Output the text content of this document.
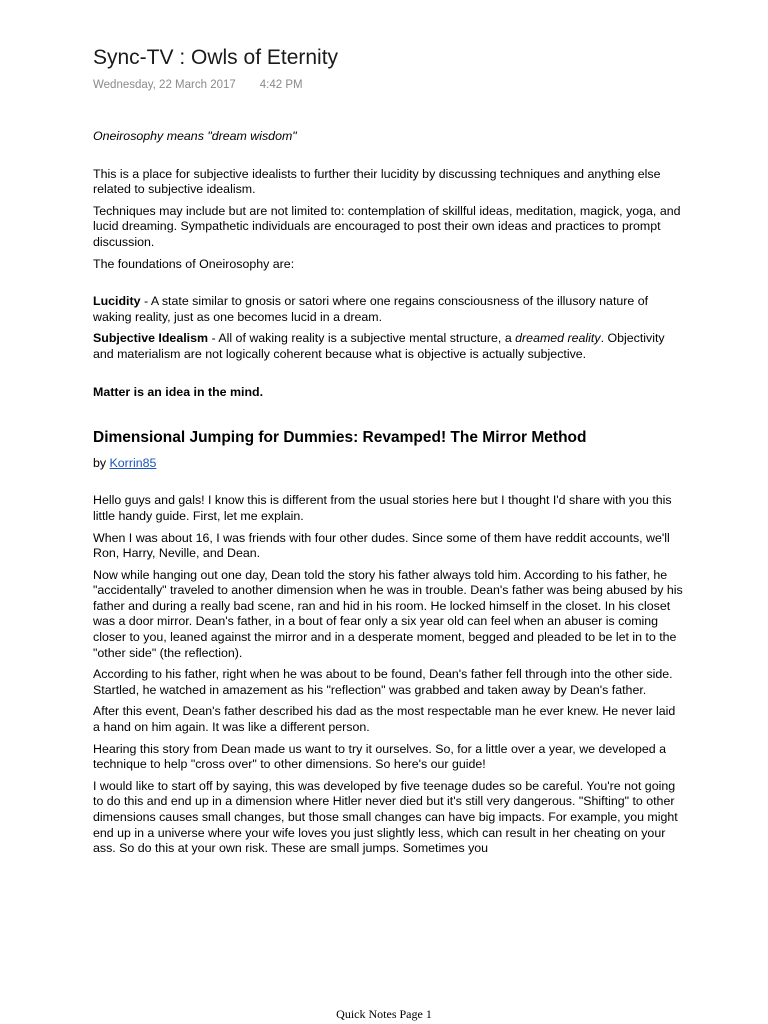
Sync-TV : Owls of Eternity
Wednesday, 22 March 2017 4:42 PM

Oneirosophy means "dream wisdom"

This is a place for subjective idealists to further their lucidity by discussing techniques and anything else related to subjective idealism.

Techniques may include but are not limited to: contemplation of skillful ideas, meditation, magick, yoga, and lucid dreaming. Sympathetic individuals are encouraged to post their own ideas and practices to prompt discussion.

The foundations of Oneirosophy are:

Lucidity - A state similar to gnosis or satori where one regains consciousness of the illusory nature of waking reality, just as one becomes lucid in a dream.

Subjective Idealism - All of waking reality is a subjective mental structure, a dreamed reality. Objectivity and materialism are not logically coherent because what is objective is actually subjective.

Matter is an idea in the mind.

Dimensional Jumping for Dummies: Revamped! The Mirror Method

by Korrin85

Hello guys and gals! I know this is different from the usual stories here but I thought I'd share with you this little handy guide. First, let me explain.

When I was about 16, I was friends with four other dudes. Since some of them have reddit accounts, we'll Ron, Harry, Neville, and Dean.

Now while hanging out one day, Dean told the story his father always told him. According to his father, he "accidentally" traveled to another dimension when he was in trouble. Dean's father was being abused by his father and during a really bad scene, ran and hid in his room. He locked himself in the closet. In his closet was a door mirror. Dean's father, in a bout of fear only a six year old can feel when an abuser is coming closer to you, leaned against the mirror and in a desperate moment, begged and pleaded to be let in to the "other side" (the reflection).

According to his father, right when he was about to be found, Dean's father fell through into the other side. Startled, he watched in amazement as his "reflection" was grabbed and taken away by Dean's father.

After this event, Dean's father described his dad as the most respectable man he ever knew. He never laid a hand on him again. It was like a different person.

Hearing this story from Dean made us want to try it ourselves. So, for a little over a year, we developed a technique to help "cross over" to other dimensions. So here's our guide!

I would like to start off by saying, this was developed by five teenage dudes so be careful. You're not going to do this and end up in a dimension where Hitler never died but it's still very dangerous. "Shifting" to other dimensions causes small changes, but those small changes can have big impacts. For example, you might end up in a universe where your wife loves you just slightly less, which can result in her cheating on your ass. So do this at your own risk. These are small jumps. Sometimes you

Quick Notes Page 1
